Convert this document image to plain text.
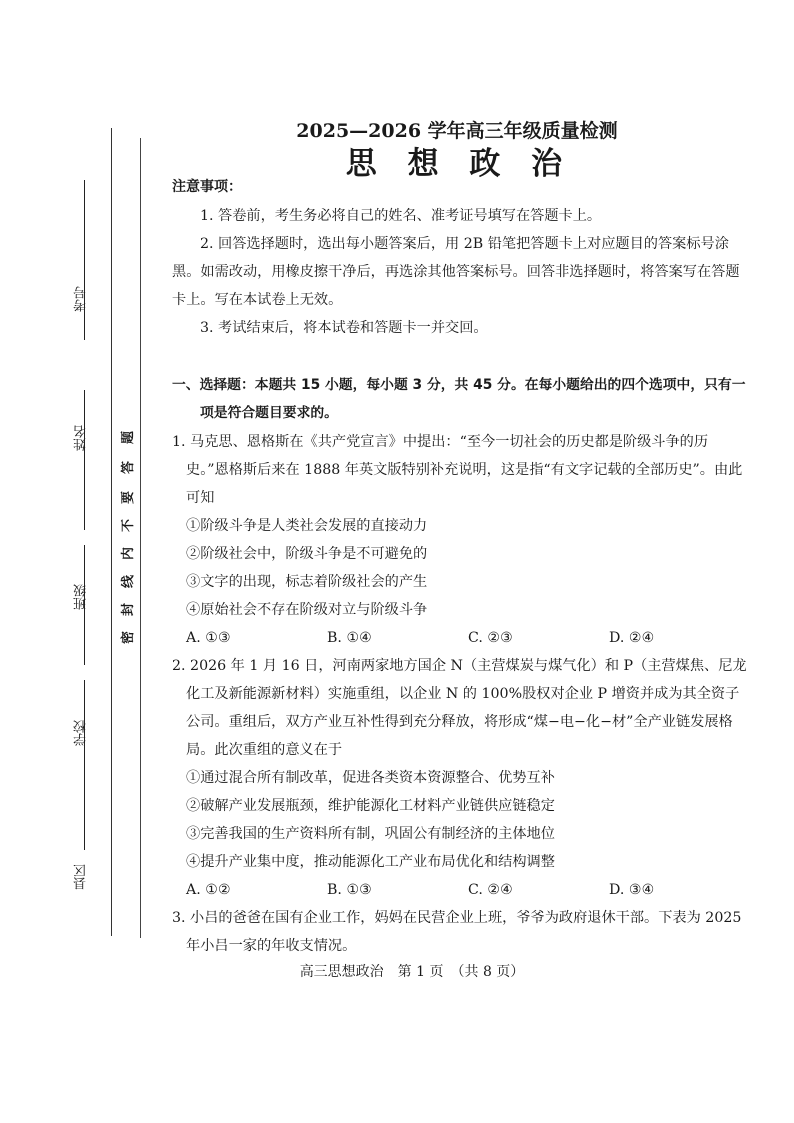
考号
姓名
班级
学校
县区
密
封
线
内
不
要
答
题
2025—2026 学年高三年级质量检测
思 想 政 治
注意事项：

1. 答卷前，考生务必将自己的姓名、准考证号填写在答题卡上。

2. 回答选择题时，选出每小题答案后，用 2B 铅笔把答题卡上对应题目的答案标号涂黑。如需改动，用橡皮擦干净后，再选涂其他答案标号。回答非选择题时，将答案写在答题卡上。写在本试卷上无效。

3. 考试结束后，将本试卷和答题卡一并交回。

一、选择题：本题共 15 小题，每小题 3 分，共 45 分。在每小题给出的四个选项中，只有一项是符合题目要求的。

1. 马克思、恩格斯在《共产党宣言》中提出：“至今一切社会的历史都是阶级斗争的历史。”恩格斯后来在 1888 年英文版特别补充说明，这是指“有文字记载的全部历史”。由此可知

①阶级斗争是人类社会发展的直接动力

②阶级社会中，阶级斗争是不可避免的

③文字的出现，标志着阶级社会的产生

④原始社会不存在阶级对立与阶级斗争

A. ①③	B. ①④	C. ②③	D. ②④

2. 2026 年 1 月 16 日，河南两家地方国企 N（主营煤炭与煤气化）和 P（主营煤焦、尼龙化工及新能源新材料）实施重组，以企业 N 的 100%股权对企业 P 增资并成为其全资子公司。重组后，双方产业互补性得到充分释放，将形成“煤−电−化−材”全产业链发展格局。此次重组的意义在于

①通过混合所有制改革，促进各类资本资源整合、优势互补

②破解产业发展瓶颈，维护能源化工材料产业链供应链稳定

③完善我国的生产资料所有制，巩固公有制经济的主体地位

④提升产业集中度，推动能源化工产业布局优化和结构调整

A. ①②	B. ①③	C. ②④	D. ③④

3. 小吕的爸爸在国有企业工作，妈妈在民营企业上班，爷爷为政府退休干部。下表为 2025 年小吕一家的年收支情况。

高三思想政治　第 1 页　（共 8 页）
